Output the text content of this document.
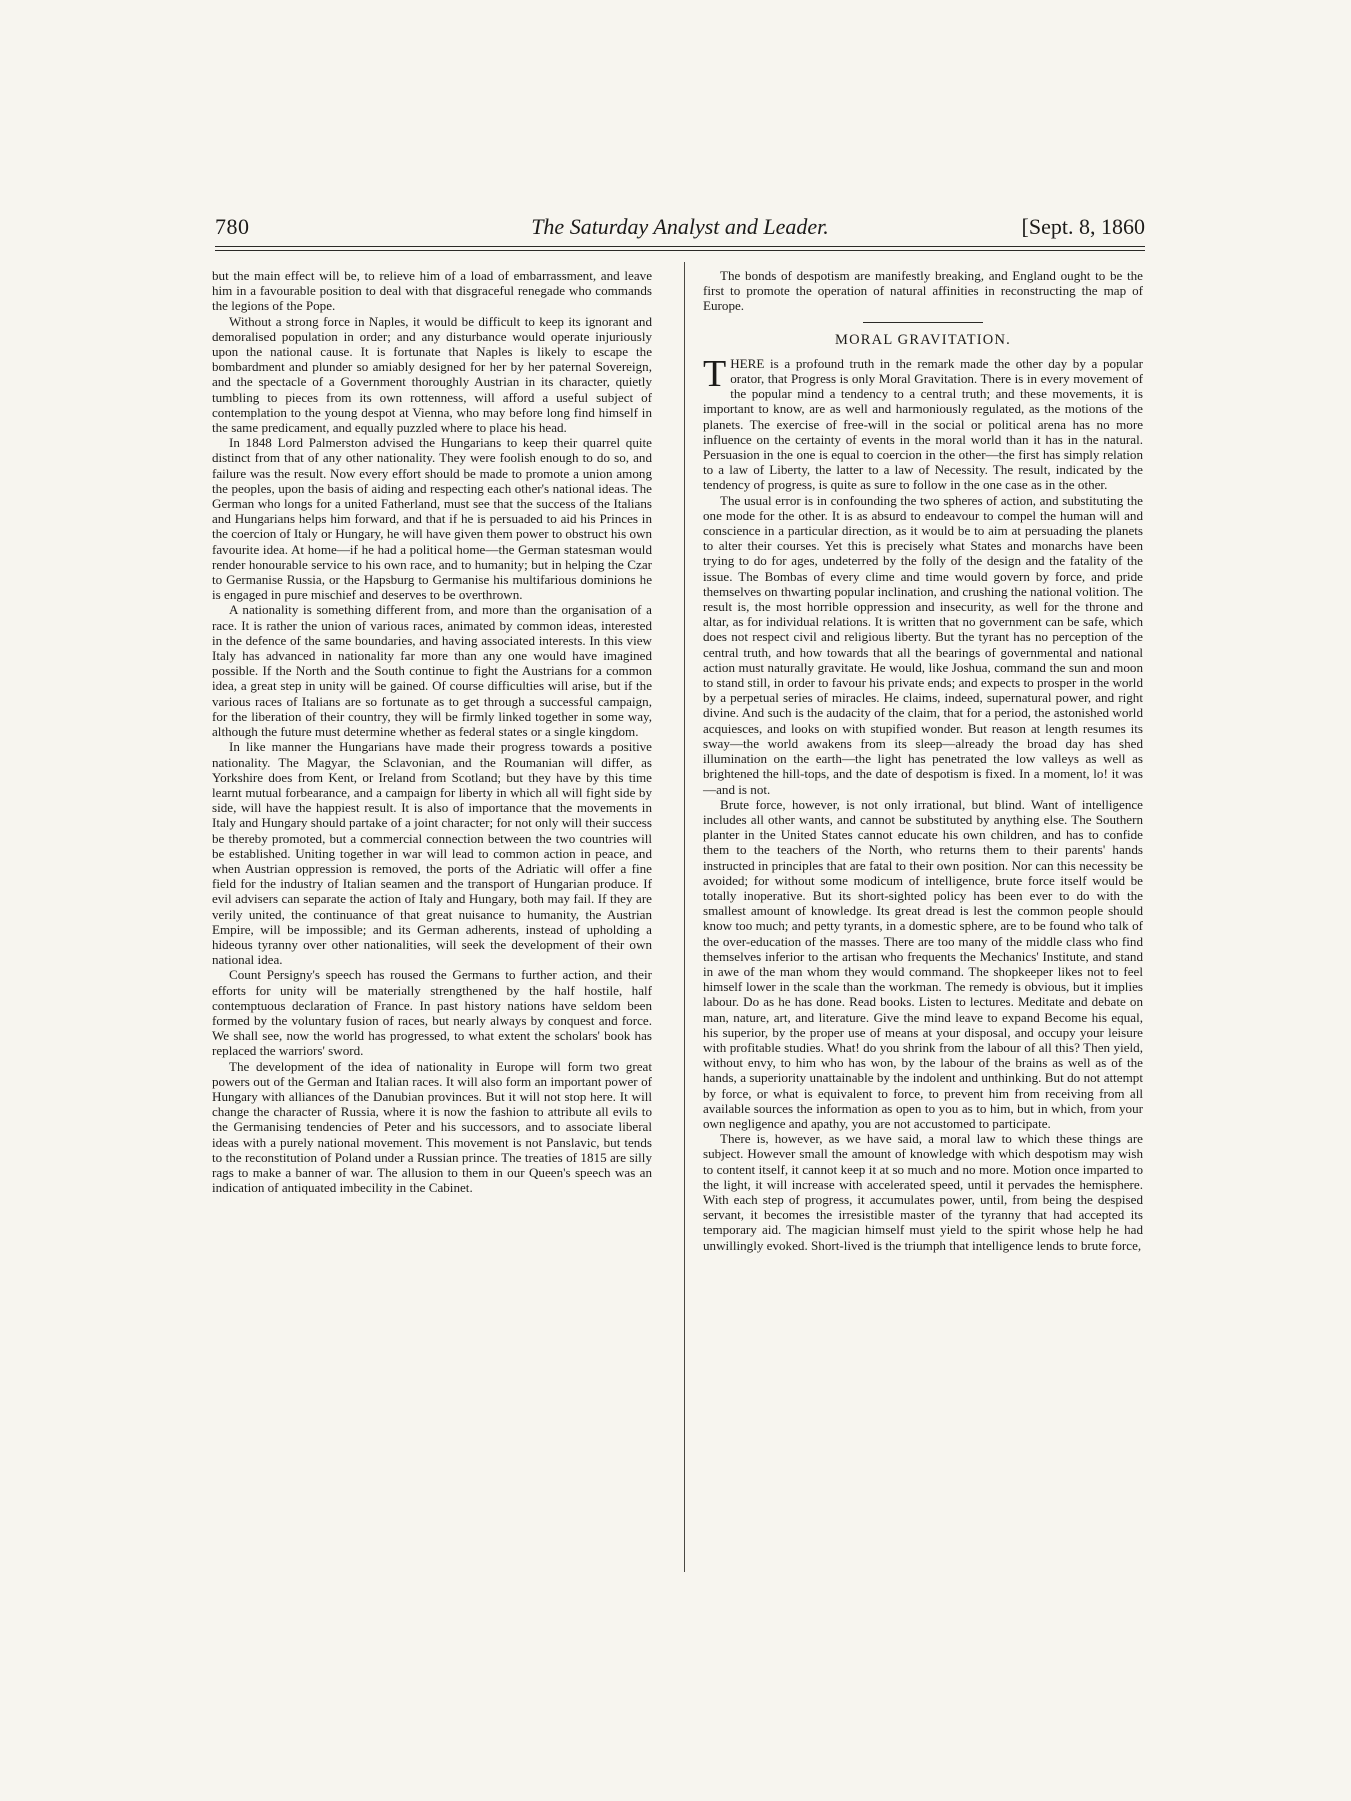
780	The Saturday Analyst and Leader.	[Sept. 8, 1860

but the main effect will be, to relieve him of a load of embarrassment, and leave him in a favourable position to deal with that disgraceful renegade who commands the legions of the Pope.

Without a strong force in Naples, it would be difficult to keep its ignorant and demoralised population in order; and any disturbance would operate injuriously upon the national cause. It is fortunate that Naples is likely to escape the bombardment and plunder so amiably designed for her by her paternal Sovereign, and the spectacle of a Government thoroughly Austrian in its character, quietly tumbling to pieces from its own rottenness, will afford a useful subject of contemplation to the young despot at Vienna, who may before long find himself in the same predicament, and equally puzzled where to place his head.

In 1848 Lord Palmerston advised the Hungarians to keep their quarrel quite distinct from that of any other nationality. They were foolish enough to do so, and failure was the result. Now every effort should be made to promote a union among the peoples, upon the basis of aiding and respecting each other's national ideas. The German who longs for a united Fatherland, must see that the success of the Italians and Hungarians helps him forward, and that if he is persuaded to aid his Princes in the coercion of Italy or Hungary, he will have given them power to obstruct his own favourite idea. At home—if he had a political home—the German statesman would render honourable service to his own race, and to humanity; but in helping the Czar to Germanise Russia, or the Hapsburg to Germanise his multifarious dominions he is engaged in pure mischief and deserves to be overthrown.

A nationality is something different from, and more than the organisation of a race. It is rather the union of various races, animated by common ideas, interested in the defence of the same boundaries, and having associated interests. In this view Italy has advanced in nationality far more than any one would have imagined possible. If the North and the South continue to fight the Austrians for a common idea, a great step in unity will be gained. Of course difficulties will arise, but if the various races of Italians are so fortunate as to get through a successful campaign, for the liberation of their country, they will be firmly linked together in some way, although the future must determine whether as federal states or a single kingdom.

In like manner the Hungarians have made their progress towards a positive nationality. The Magyar, the Sclavonian, and the Roumanian will differ, as Yorkshire does from Kent, or Ireland from Scotland; but they have by this time learnt mutual forbearance, and a campaign for liberty in which all will fight side by side, will have the happiest result. It is also of importance that the movements in Italy and Hungary should partake of a joint character; for not only will their success be thereby promoted, but a commercial connection between the two countries will be established. Uniting together in war will lead to common action in peace, and when Austrian oppression is removed, the ports of the Adriatic will offer a fine field for the industry of Italian seamen and the transport of Hungarian produce. If evil advisers can separate the action of Italy and Hungary, both may fail. If they are verily united, the continuance of that great nuisance to humanity, the Austrian Empire, will be impossible; and its German adherents, instead of upholding a hideous tyranny over other nationalities, will seek the development of their own national idea.

Count Persigny's speech has roused the Germans to further action, and their efforts for unity will be materially strengthened by the half hostile, half contemptuous declaration of France. In past history nations have seldom been formed by the voluntary fusion of races, but nearly always by conquest and force. We shall see, now the world has progressed, to what extent the scholars' book has replaced the warriors' sword.

The development of the idea of nationality in Europe will form two great powers out of the German and Italian races. It will also form an important power of Hungary with alliances of the Danubian provinces. But it will not stop here. It will change the character of Russia, where it is now the fashion to attribute all evils to the Germanising tendencies of Peter and his successors, and to associate liberal ideas with a purely national movement. This movement is not Panslavic, but tends to the reconstitution of Poland under a Russian prince. The treaties of 1815 are silly rags to make a banner of war. The allusion to them in our Queen's speech was an indication of antiquated imbecility in the Cabinet.

The bonds of despotism are manifestly breaking, and England ought to be the first to promote the operation of natural affinities in reconstructing the map of Europe.

MORAL GRAVITATION.

THERE is a profound truth in the remark made the other day by a popular orator, that Progress is only Moral Gravitation. There is in every movement of the popular mind a tendency to a central truth; and these movements, it is important to know, are as well and harmoniously regulated, as the motions of the planets. The exercise of free-will in the social or political arena has no more influence on the certainty of events in the moral world than it has in the natural. Persuasion in the one is equal to coercion in the other—the first has simply relation to a law of Liberty, the latter to a law of Necessity. The result, indicated by the tendency of progress, is quite as sure to follow in the one case as in the other.

The usual error is in confounding the two spheres of action, and substituting the one mode for the other. It is as absurd to endeavour to compel the human will and conscience in a particular direction, as it would be to aim at persuading the planets to alter their courses. Yet this is precisely what States and monarchs have been trying to do for ages, undeterred by the folly of the design and the fatality of the issue. The Bombas of every clime and time would govern by force, and pride themselves on thwarting popular inclination, and crushing the national volition. The result is, the most horrible oppression and insecurity, as well for the throne and altar, as for individual relations. It is written that no government can be safe, which does not respect civil and religious liberty. But the tyrant has no perception of the central truth, and how towards that all the bearings of governmental and national action must naturally gravitate. He would, like Joshua, command the sun and moon to stand still, in order to favour his private ends; and expects to prosper in the world by a perpetual series of miracles. He claims, indeed, supernatural power, and right divine. And such is the audacity of the claim, that for a period, the astonished world acquiesces, and looks on with stupified wonder. But reason at length resumes its sway—the world awakens from its sleep—already the broad day has shed illumination on the earth—the light has penetrated the low valleys as well as brightened the hill-tops, and the date of despotism is fixed. In a moment, lo! it was—and is not.

Brute force, however, is not only irrational, but blind. Want of intelligence includes all other wants, and cannot be substituted by anything else. The Southern planter in the United States cannot educate his own children, and has to confide them to the teachers of the North, who returns them to their parents' hands instructed in principles that are fatal to their own position. Nor can this necessity be avoided; for without some modicum of intelligence, brute force itself would be totally inoperative. But its short-sighted policy has been ever to do with the smallest amount of knowledge. Its great dread is lest the common people should know too much; and petty tyrants, in a domestic sphere, are to be found who talk of the over-education of the masses. There are too many of the middle class who find themselves inferior to the artisan who frequents the Mechanics' Institute, and stand in awe of the man whom they would command. The shopkeeper likes not to feel himself lower in the scale than the workman. The remedy is obvious, but it implies labour. Do as he has done. Read books. Listen to lectures. Meditate and debate on man, nature, art, and literature. Give the mind leave to expand Become his equal, his superior, by the proper use of means at your disposal, and occupy your leisure with profitable studies. What! do you shrink from the labour of all this? Then yield, without envy, to him who has won, by the labour of the brains as well as of the hands, a superiority unattainable by the indolent and unthinking. But do not attempt by force, or what is equivalent to force, to prevent him from receiving from all available sources the information as open to you as to him, but in which, from your own negligence and apathy, you are not accustomed to participate.

There is, however, as we have said, a moral law to which these things are subject. However small the amount of knowledge with which despotism may wish to content itself, it cannot keep it at so much and no more. Motion once imparted to the light, it will increase with accelerated speed, until it pervades the hemisphere. With each step of progress, it accumulates power, until, from being the despised servant, it becomes the irresistible master of the tyranny that had accepted its temporary aid. The magician himself must yield to the spirit whose help he had unwillingly evoked. Short-lived is the triumph that intelligence lends to brute force,
